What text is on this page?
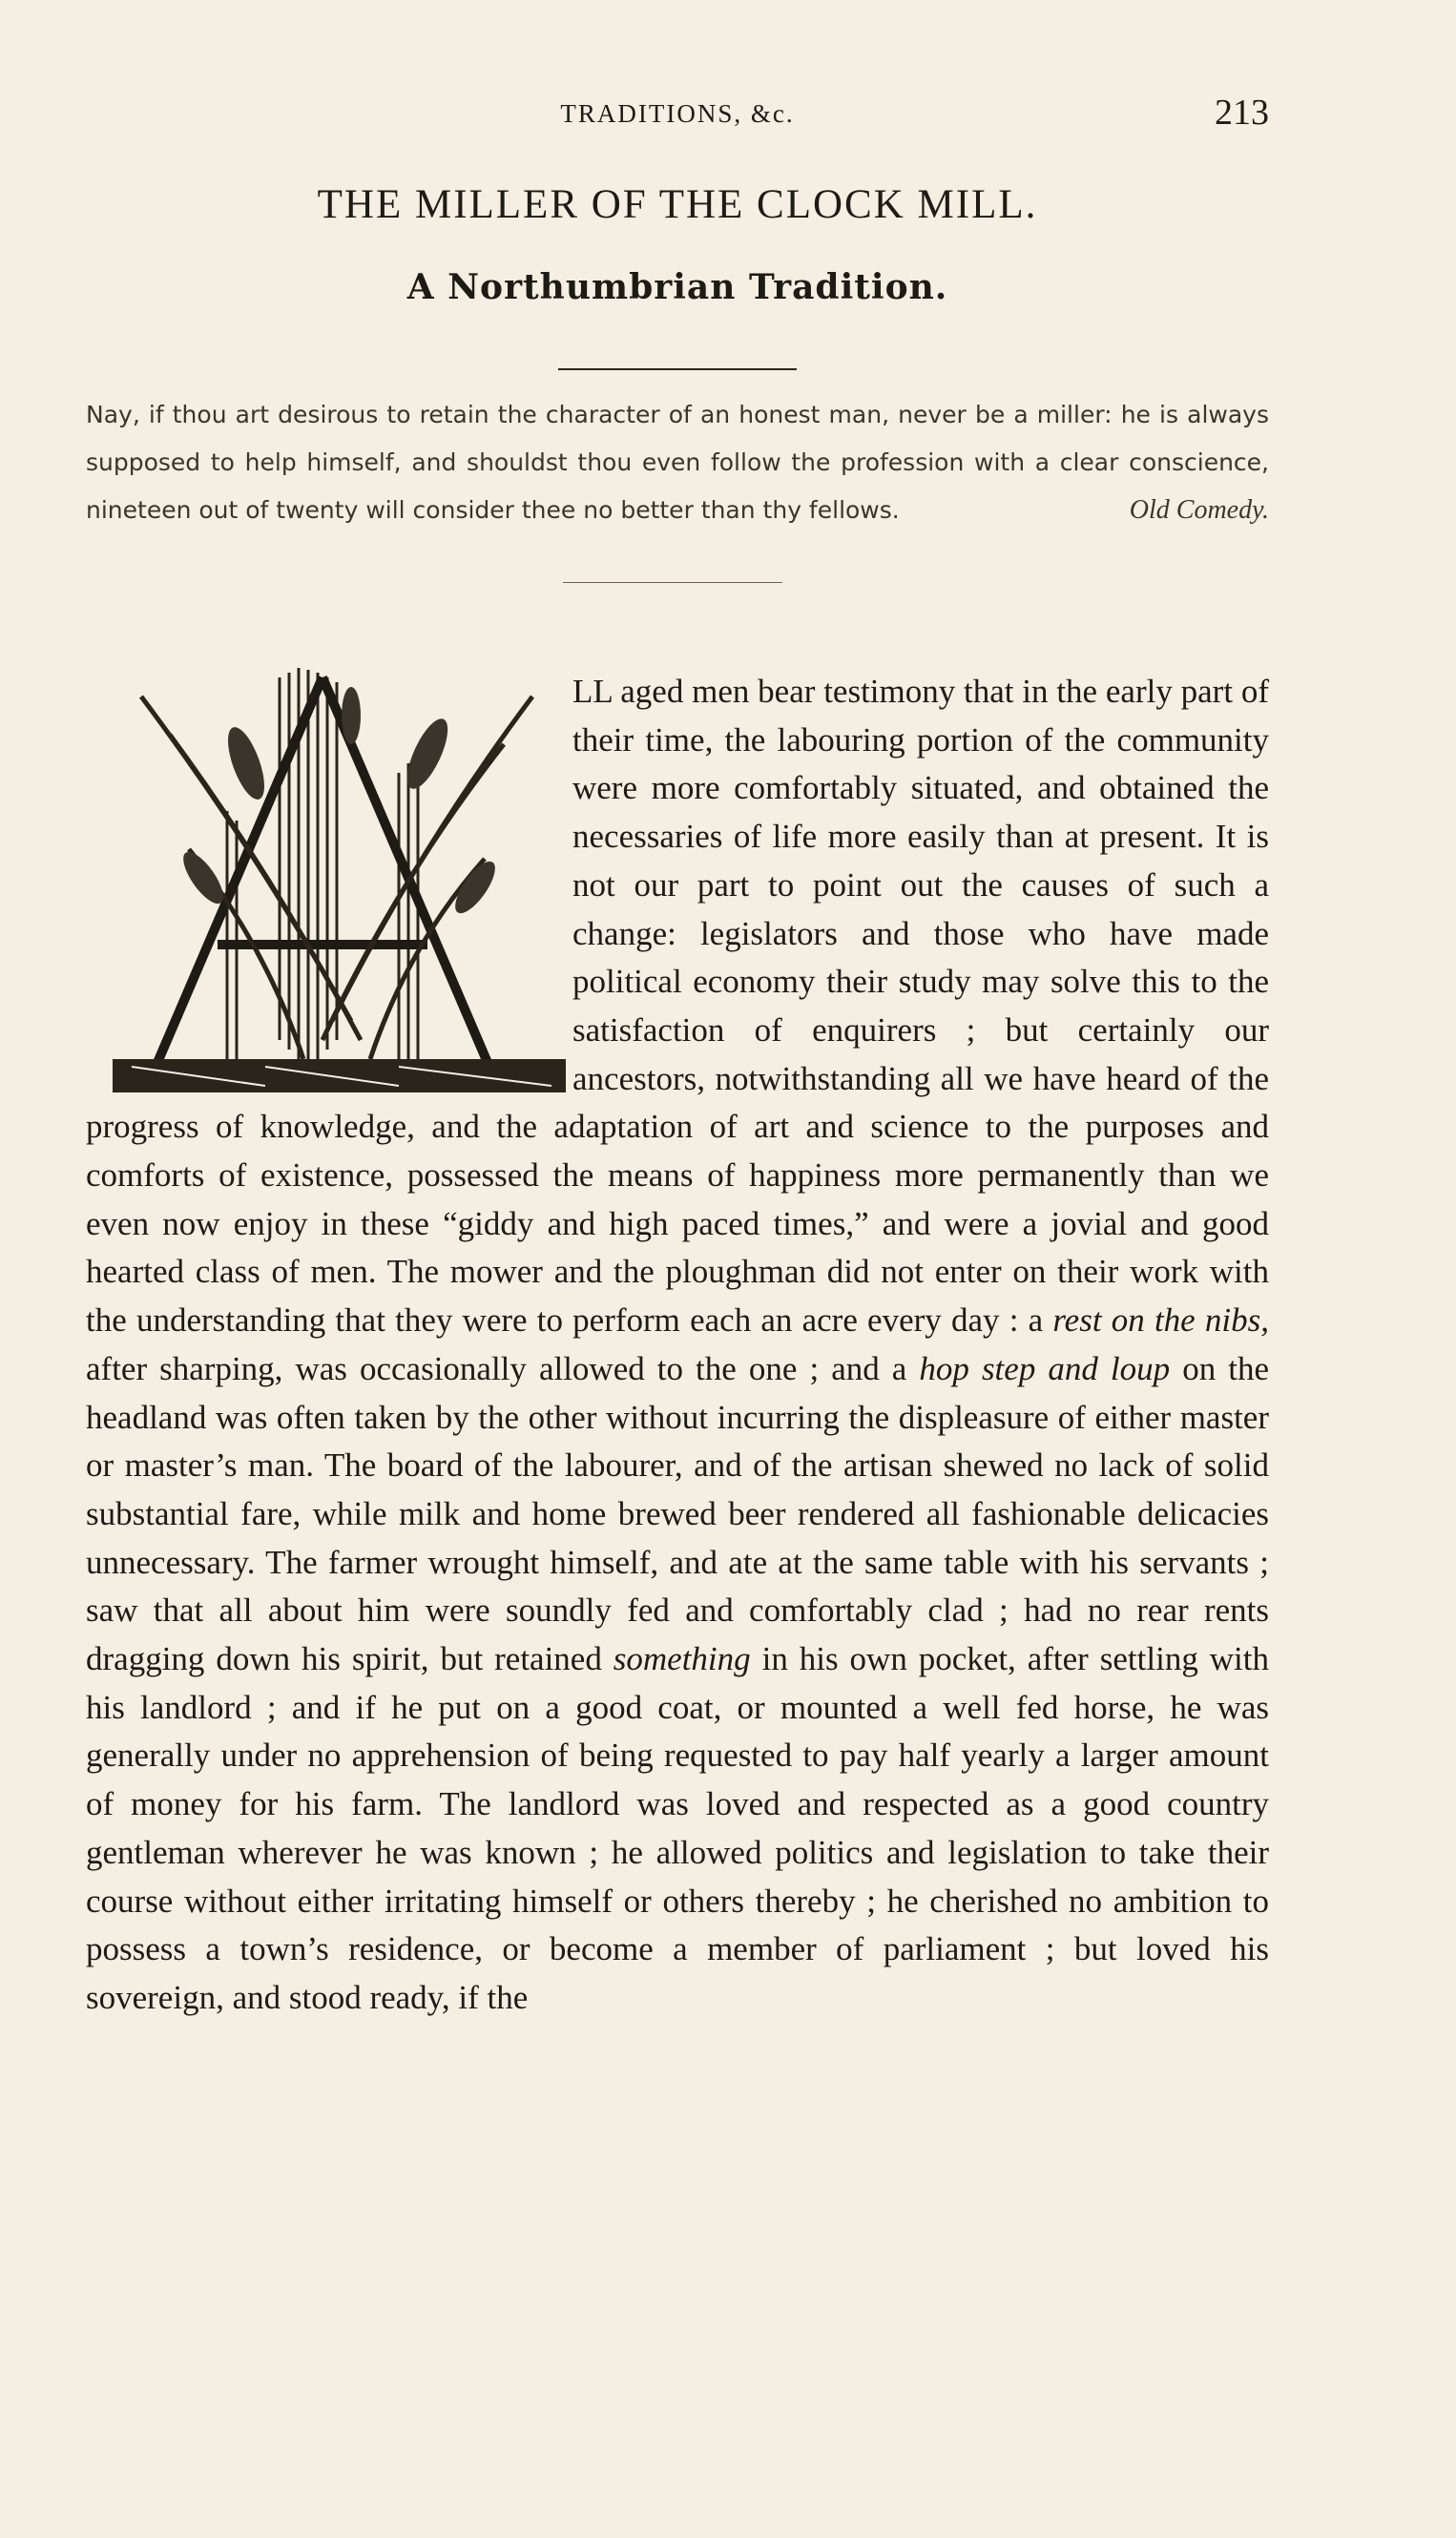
TRADITIONS, &c.	213
THE MILLER OF THE CLOCK MILL.
A Northumbrian Tradition.
Nay, if thou art desirous to retain the character of an honest man, never be a miller: he is always supposed to help himself, and shouldst thou even follow the profession with a clear conscience, nineteen out of twenty will consider thee no better than thy fellows.	Old Comedy.
LL aged men bear testimony that in the early part of their time, the labouring portion of the community were more comfortably situated, and obtained the necessaries of life more easily than at present. It is not our part to point out the causes of such a change: legislators and those who have made political economy their study may solve this to the satisfaction of enquirers ; but certainly our ancestors, notwithstanding all we have heard of the progress of knowledge, and the adaptation of art and science to the purposes and comforts of existence, possessed the means of happiness more permanently than we even now enjoy in these “giddy and high paced times,” and were a jovial and good hearted class of men. The mower and the ploughman did not enter on their work with the understanding that they were to perform each an acre every day : a rest on the nibs, after sharping, was occasionally allowed to the one ; and a hop step and loup on the headland was often taken by the other without incurring the displeasure of either master or master’s man. The board of the labourer, and of the artisan shewed no lack of solid substantial fare, while milk and home brewed beer rendered all fashionable delicacies unnecessary. The farmer wrought himself, and ate at the same table with his servants ; saw that all about him were soundly fed and comfortably clad ; had no rear rents dragging down his spirit, but retained something in his own pocket, after settling with his landlord ; and if he put on a good coat, or mounted a well fed horse, he was generally under no apprehension of being requested to pay half yearly a larger amount of money for his farm. The landlord was loved and respected as a good country gentleman wherever he was known ; he allowed politics and legislation to take their course without either irritating himself or others thereby ; he cherished no ambition to possess a town’s residence, or become a member of parliament ; but loved his sovereign, and stood ready, if the
